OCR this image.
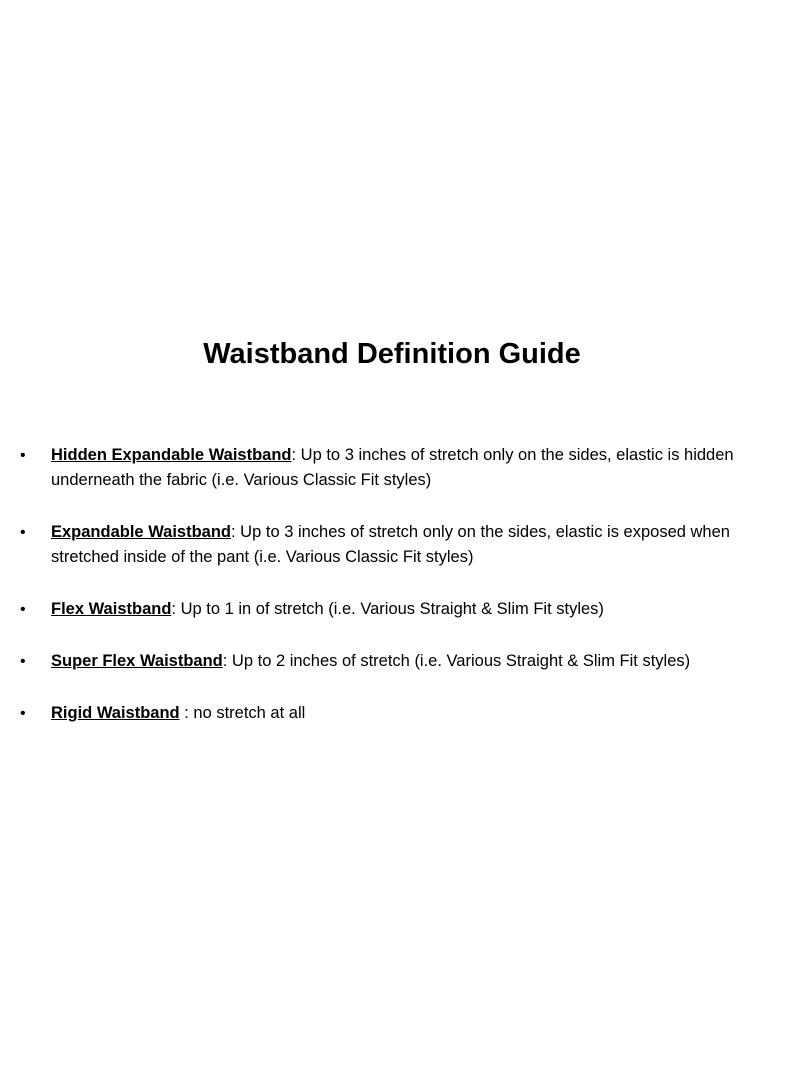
Waistband Definition Guide
• Hidden Expandable Waistband: Up to 3 inches of stretch only on the sides, elastic is hidden underneath the fabric (i.e. Various Classic Fit styles)
• Expandable Waistband: Up to 3 inches of stretch only on the sides, elastic is exposed when stretched inside of the pant (i.e. Various Classic Fit styles)
• Flex Waistband: Up to 1 in of stretch (i.e. Various Straight & Slim Fit styles)
• Super Flex Waistband: Up to 2 inches of stretch (i.e. Various Straight & Slim Fit styles)
• Rigid Waistband : no stretch at all
